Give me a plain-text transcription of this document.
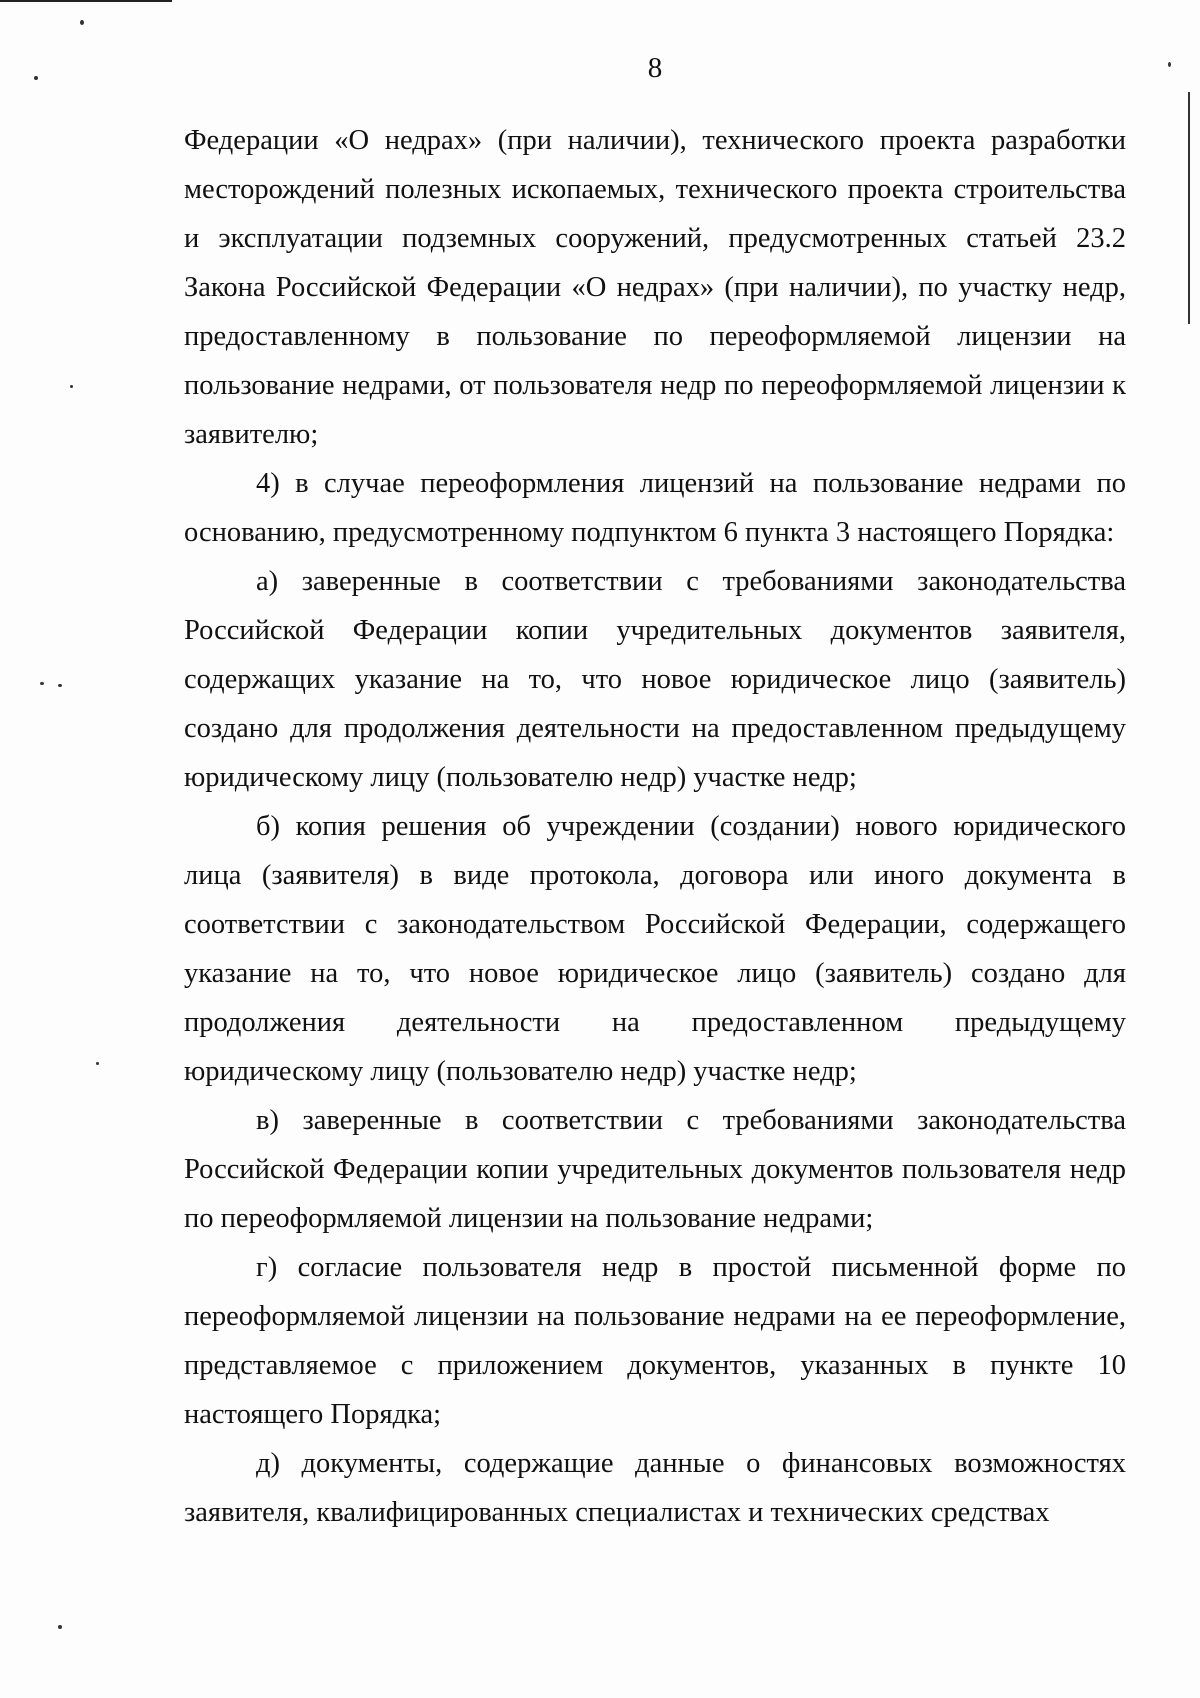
8

Федерации «О недрах» (при наличии), технического проекта разработки месторождений полезных ископаемых, технического проекта строительства и эксплуатации подземных сооружений, предусмотренных статьей 23.2 Закона Российской Федерации «О недрах» (при наличии), по участку недр, предоставленному в пользование по переоформляемой лицензии на пользование недрами, от пользователя недр по переоформляемой лицензии к заявителю;

4) в случае переоформления лицензий на пользование недрами по основанию, предусмотренному подпунктом 6 пункта 3 настоящего Порядка:

а) заверенные в соответствии с требованиями законодательства Российской Федерации копии учредительных документов заявителя, содержащих указание на то, что новое юридическое лицо (заявитель) создано для продолжения деятельности на предоставленном предыдущему юридическому лицу (пользователю недр) участке недр;

б) копия решения об учреждении (создании) нового юридического лица (заявителя) в виде протокола, договора или иного документа в соответствии с законодательством Российской Федерации, содержащего указание на то, что новое юридическое лицо (заявитель) создано для продолжения деятельности на предоставленном предыдущему юридическому лицу (пользователю недр) участке недр;

в) заверенные в соответствии с требованиями законодательства Российской Федерации копии учредительных документов пользователя недр по переоформляемой лицензии на пользование недрами;

г) согласие пользователя недр в простой письменной форме по переоформляемой лицензии на пользование недрами на ее переоформление, представляемое с приложением документов, указанных в пункте 10 настоящего Порядка;

д) документы, содержащие данные о финансовых возможностях заявителя, квалифицированных специалистах и технических средствах
